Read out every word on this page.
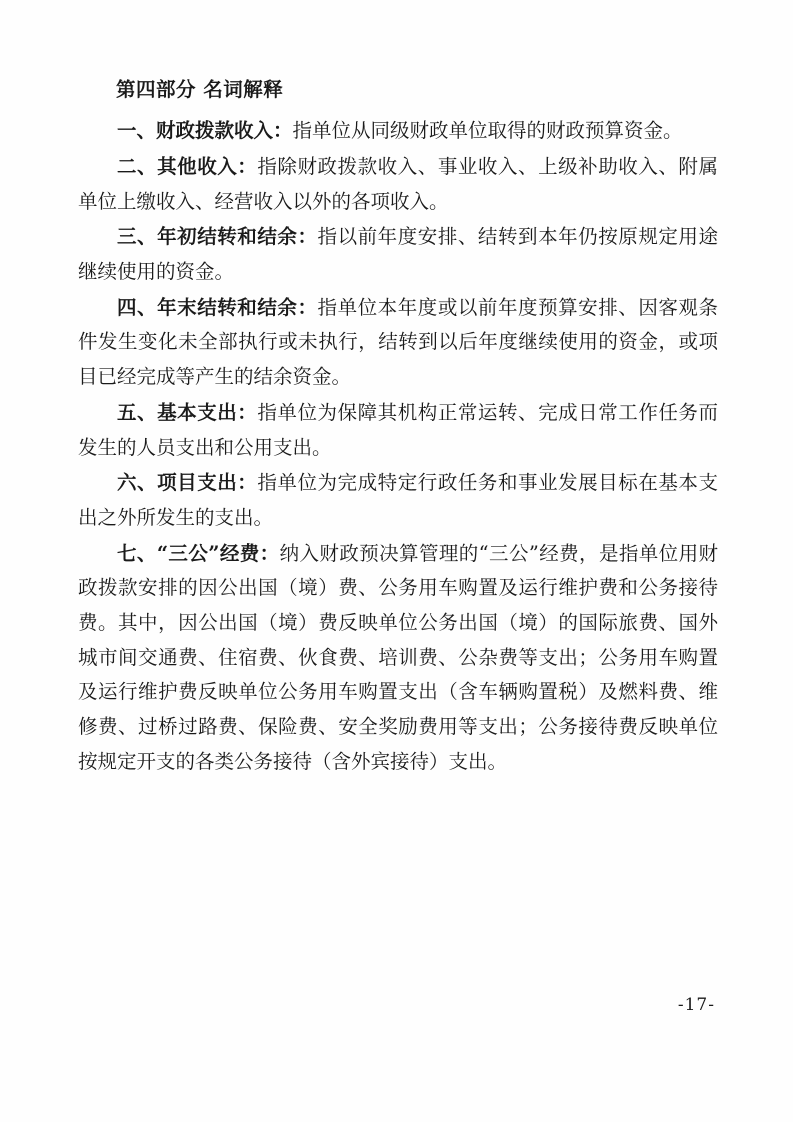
第四部分 名词解释

一、财政拨款收入：指单位从同级财政单位取得的财政预算资金。

二、其他收入：指除财政拨款收入、事业收入、上级补助收入、附属单位上缴收入、经营收入以外的各项收入。

三、年初结转和结余：指以前年度安排、结转到本年仍按原规定用途继续使用的资金。

四、年末结转和结余：指单位本年度或以前年度预算安排、因客观条件发生变化未全部执行或未执行，结转到以后年度继续使用的资金，或项目已经完成等产生的结余资金。

五、基本支出：指单位为保障其机构正常运转、完成日常工作任务而发生的人员支出和公用支出。

六、项目支出：指单位为完成特定行政任务和事业发展目标在基本支出之外所发生的支出。

七、“三公”经费：纳入财政预决算管理的“三公”经费，是指单位用财政拨款安排的因公出国（境）费、公务用车购置及运行维护费和公务接待费。其中，因公出国（境）费反映单位公务出国（境）的国际旅费、国外城市间交通费、住宿费、伙食费、培训费、公杂费等支出；公务用车购置及运行维护费反映单位公务用车购置支出（含车辆购置税）及燃料费、维修费、过桥过路费、保险费、安全奖励费用等支出；公务接待费反映单位按规定开支的各类公务接待（含外宾接待）支出。

-17-
